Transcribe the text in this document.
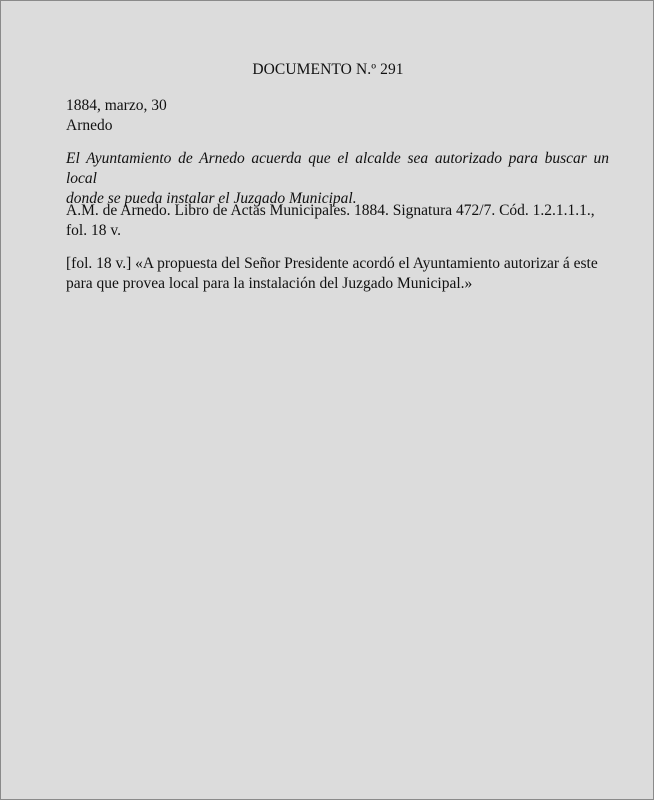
DOCUMENTO N.º 291

1884, marzo, 30

Arnedo

El Ayuntamiento de Arnedo acuerda que el alcalde sea autorizado para buscar un local
donde se pueda instalar el Juzgado Municipal.

A.M. de Arnedo. Libro de Actas Municipales. 1884. Signatura 472/7. Cód. 1.2.1.1.1.,
fol. 18 v.

[fol. 18 v.] «A propuesta del Señor Presidente acordó el Ayuntamiento autorizar á este
para que provea local para la instalación del Juzgado Municipal.»
